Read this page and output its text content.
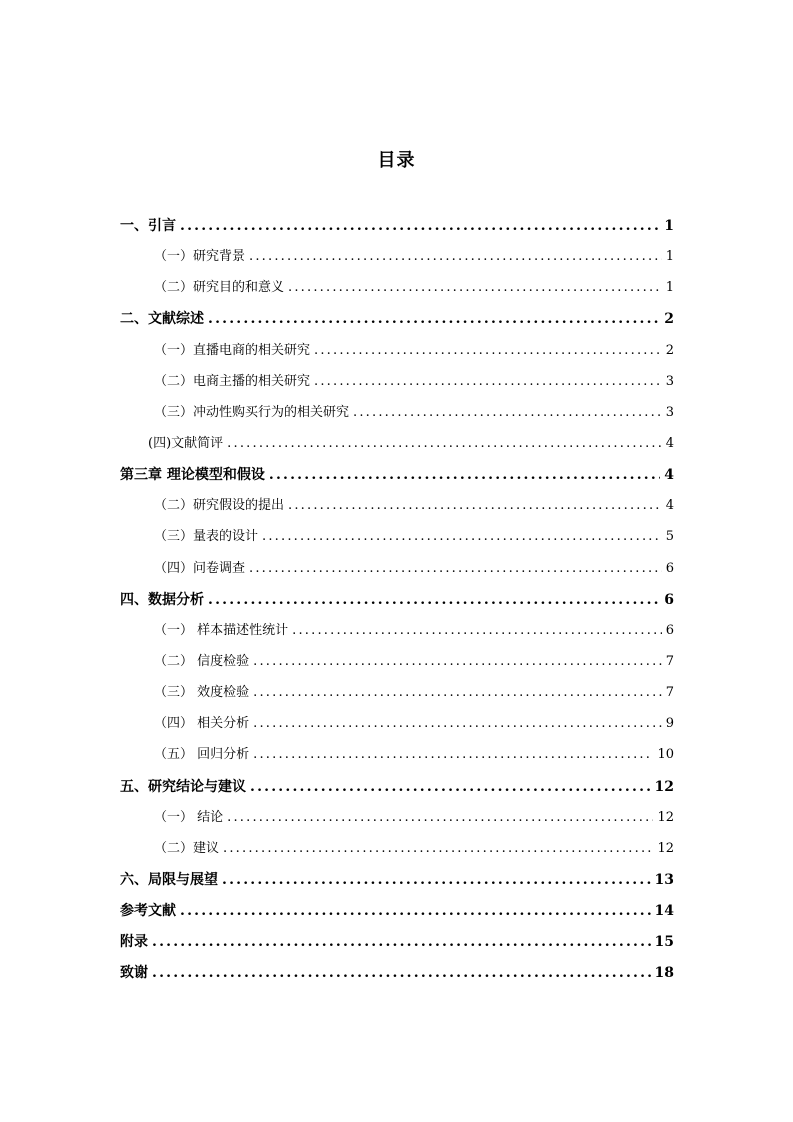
目录
一、引言 .....	1
（一）研究背景 .....	1
（二）研究目的和意义 .....	1
二、文献综述 .....	2
（一）直播电商的相关研究 .....	2
（二）电商主播的相关研究 .....	3
（三）冲动性购买行为的相关研究 .....	3
(四)文献简评 .....	4
第三章 理论模型和假设 .....	4
（二）研究假设的提出 .....	4
（三）量表的设计 .....	5
（四）问卷调查 .....	6
四、数据分析 .....	6
（一） 样本描述性统计 .....	6
（二） 信度检验 .....	7
（三） 效度检验 .....	7
（四） 相关分析 .....	9
（五） 回归分析 .....	10
五、研究结论与建议 .....	12
（一） 结论 .....	12
（二）建议 .....	12
六、局限与展望 .....	13
参考文献 .....	14
附录 .....	15
致谢 .....	18
